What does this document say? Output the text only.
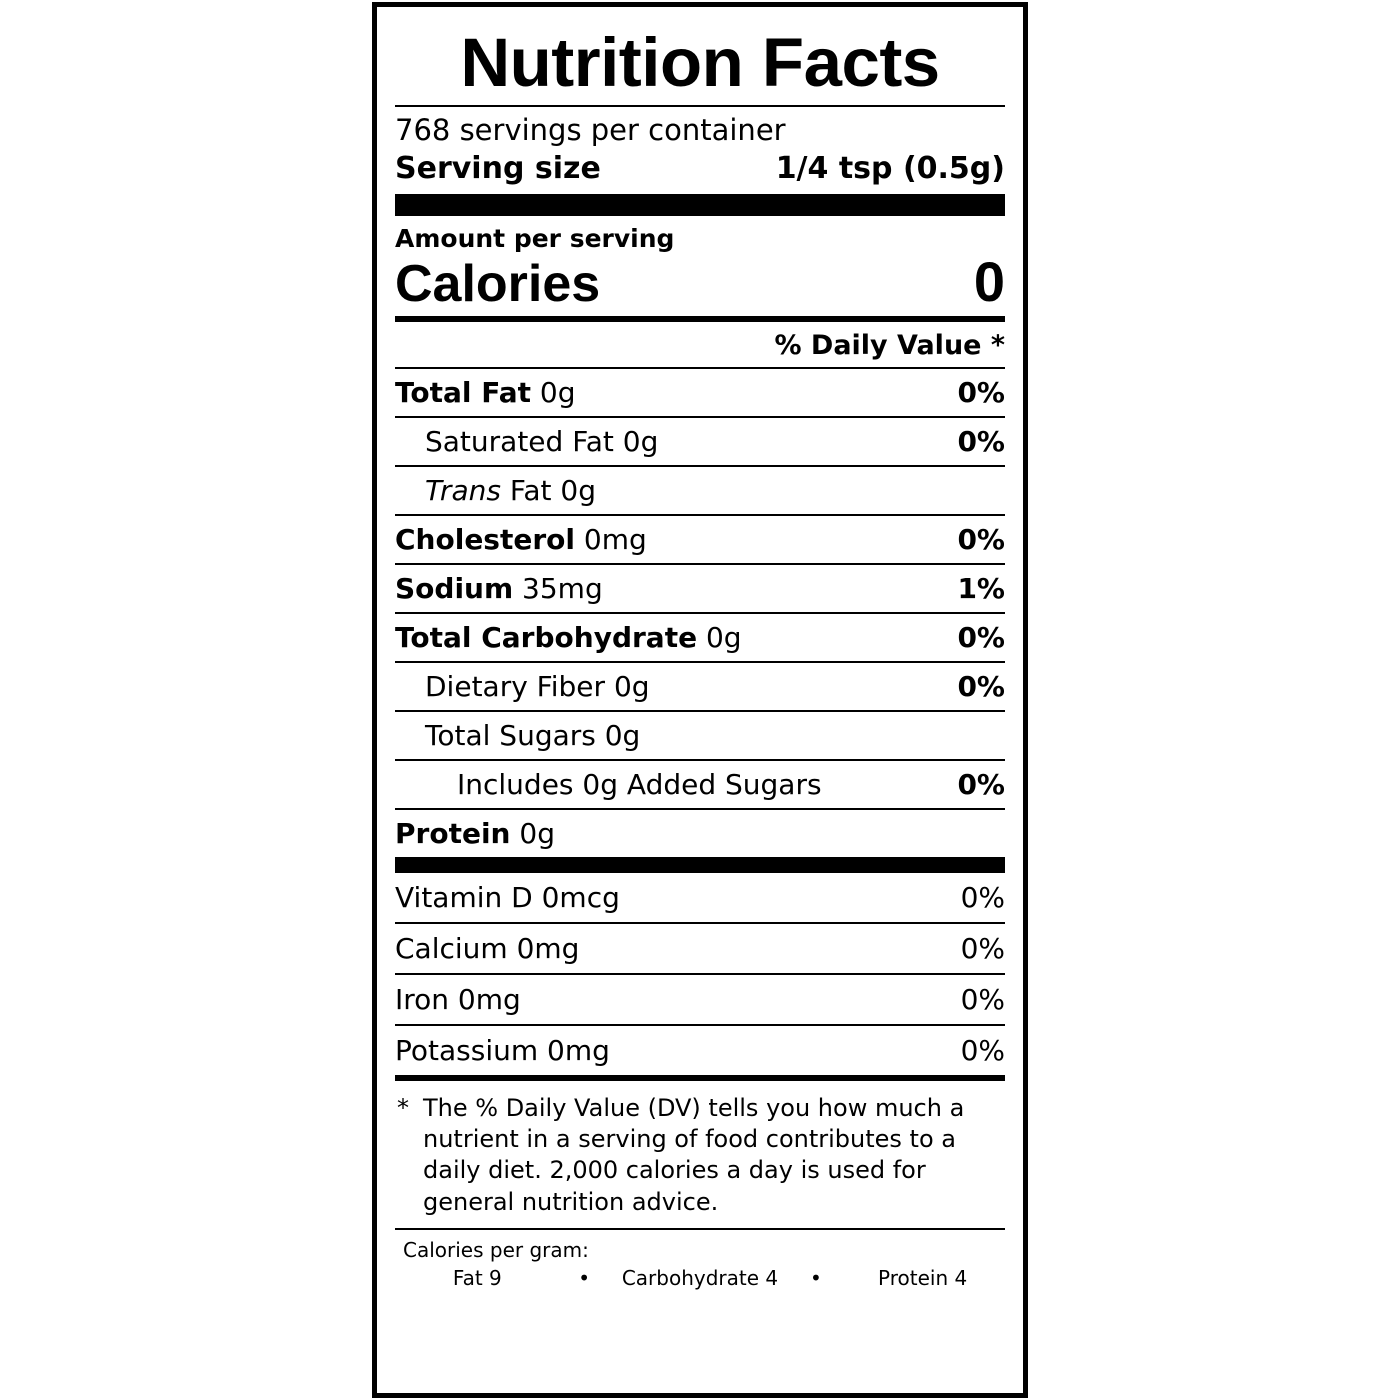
Nutrition Facts
768 servings per container
Serving size	1/4 tsp (0.5g)
Amount per serving
Calories	0
% Daily Value *
Total Fat 0g	0%
Saturated Fat 0g	0%
Trans Fat 0g
Cholesterol 0mg	0%
Sodium 35mg	1%
Total Carbohydrate 0g	0%
Dietary Fiber 0g	0%
Total Sugars 0g
Includes 0g Added Sugars	0%
Protein 0g
Vitamin D 0mcg	0%
Calcium 0mg	0%
Iron 0mg	0%
Potassium 0mg	0%
* The % Daily Value (DV) tells you how much a nutrient in a serving of food contributes to a daily diet. 2,000 calories a day is used for general nutrition advice.
Calories per gram:
Fat 9	•	Carbohydrate 4	•	Protein 4
